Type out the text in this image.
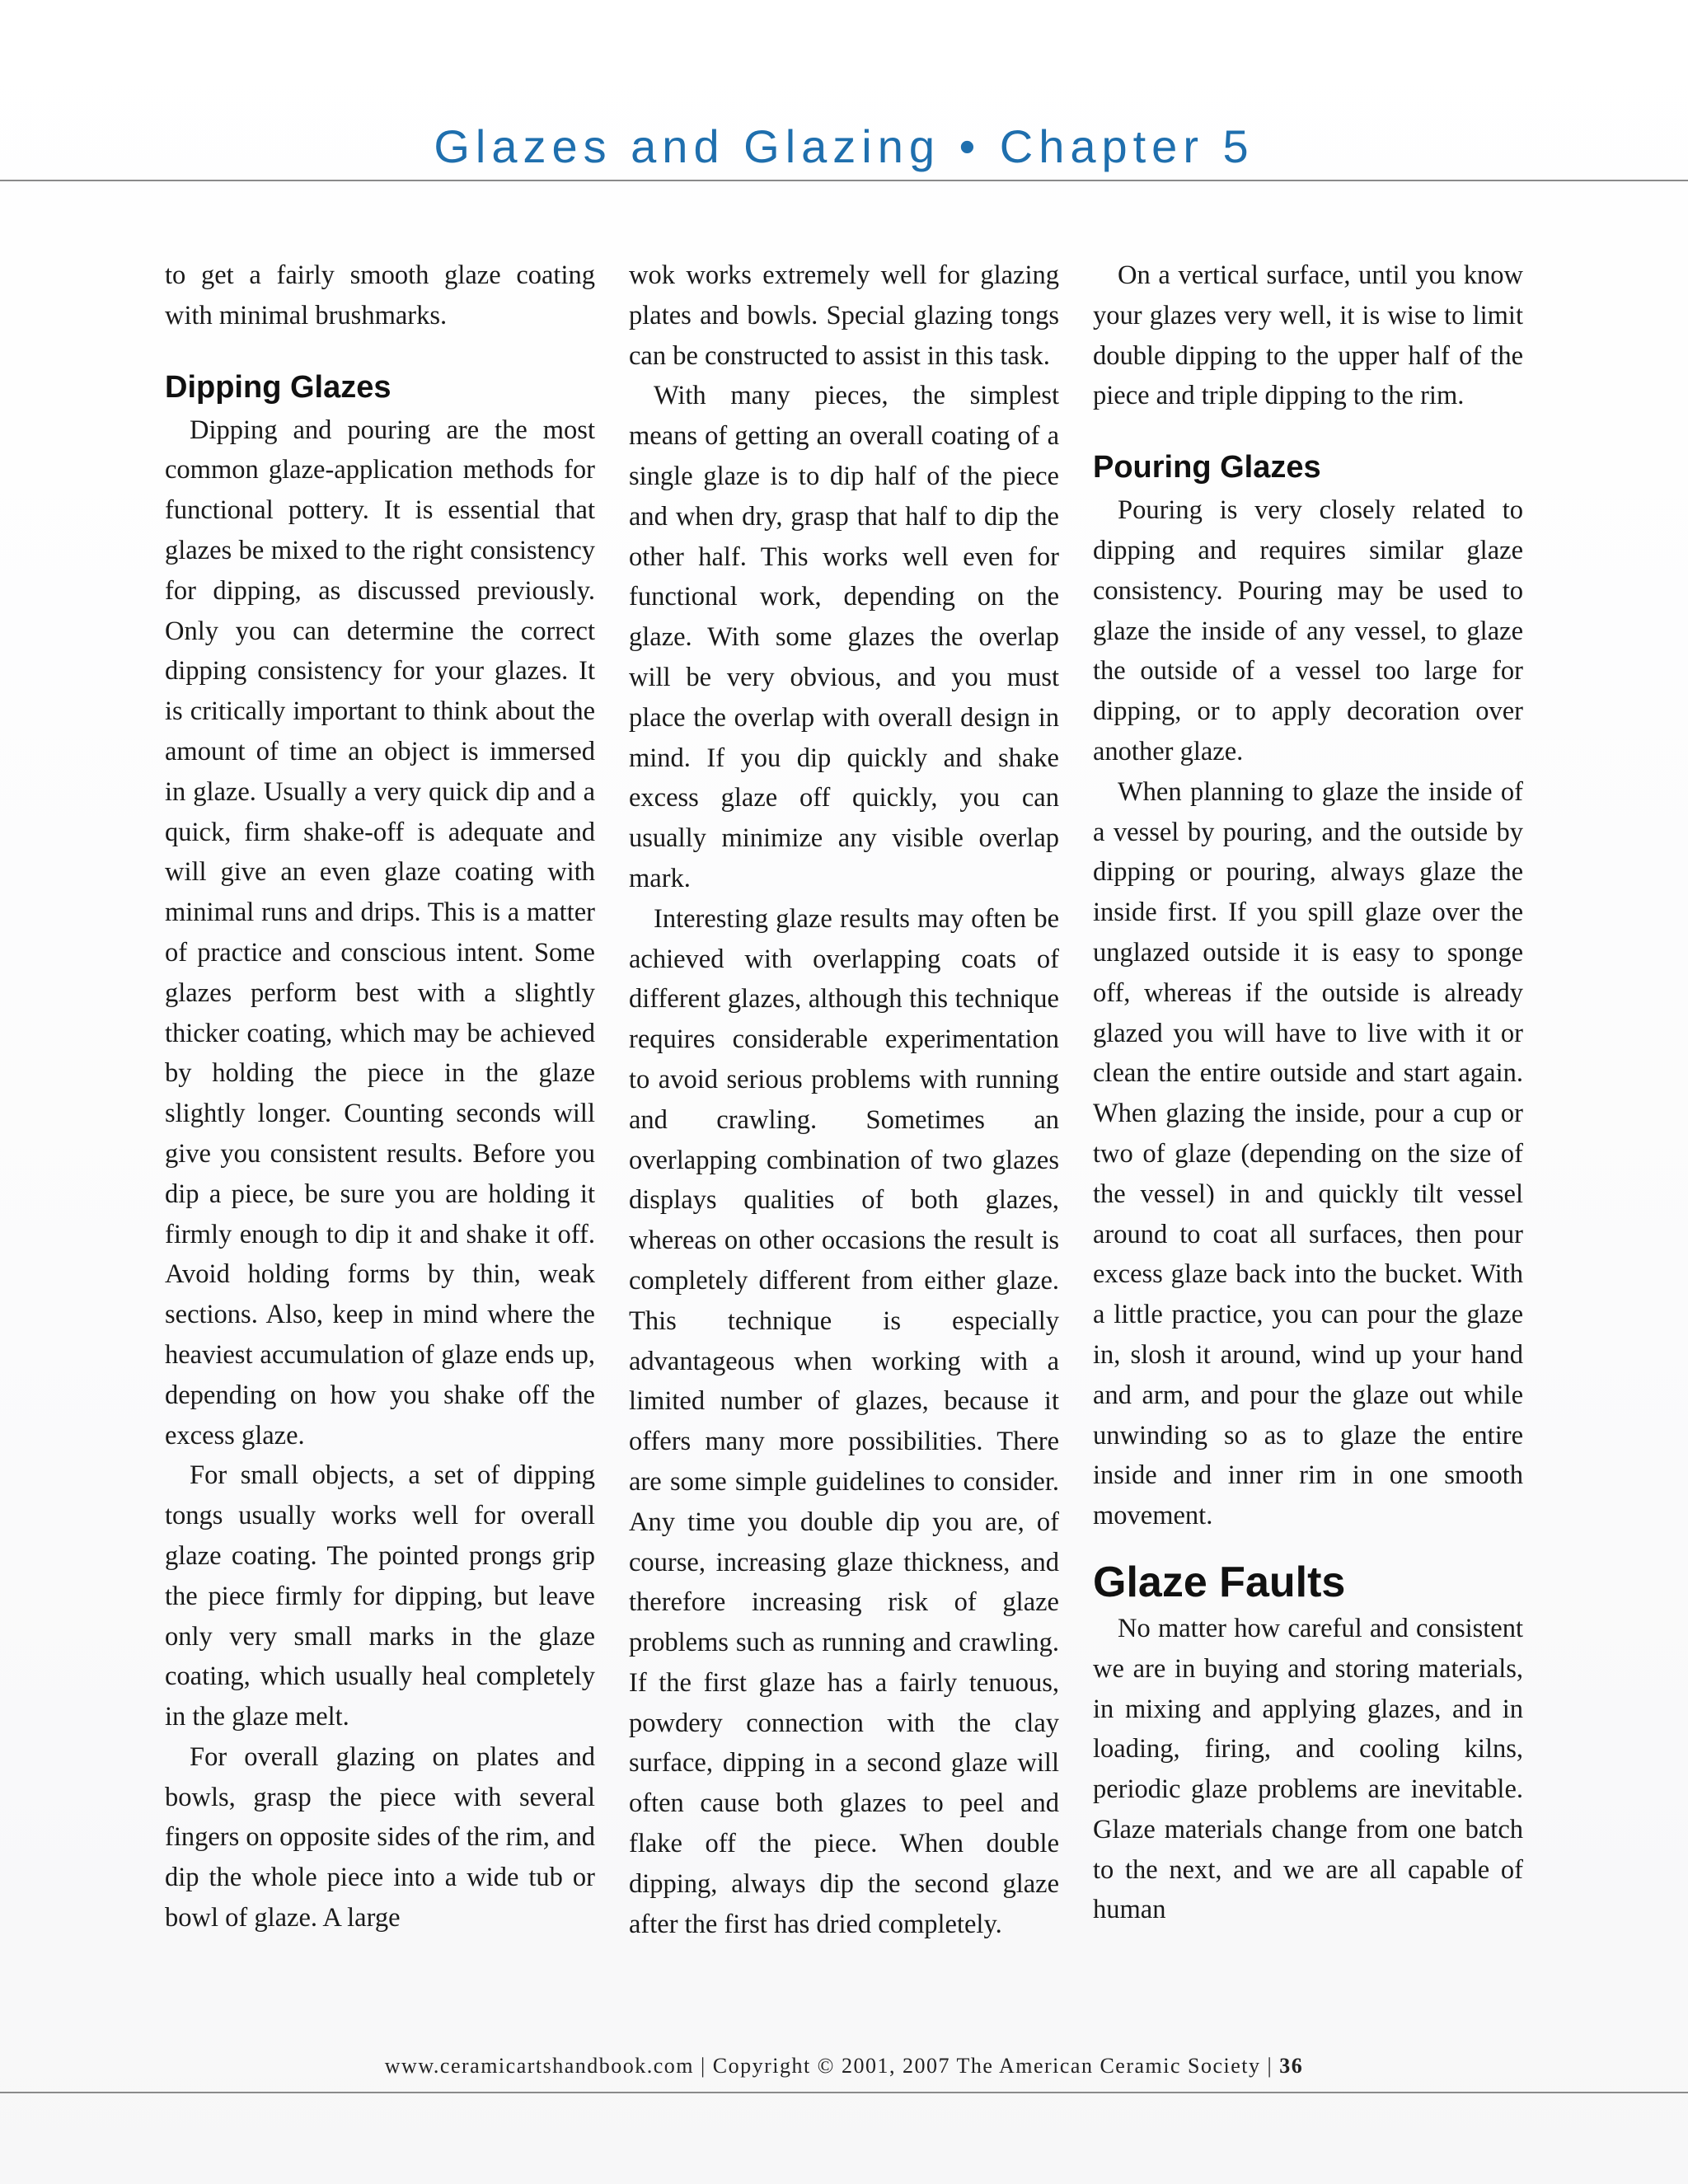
Glazes and Glazing • Chapter 5

to get a fairly smooth glaze coating with minimal brushmarks.

Dipping Glazes

Dipping and pouring are the most common glaze-application methods for functional pottery. It is essential that glazes be mixed to the right consistency for dipping, as discussed previously. Only you can determine the correct dipping consistency for your glazes. It is critically important to think about the amount of time an object is immersed in glaze. Usually a very quick dip and a quick, firm shake-off is adequate and will give an even glaze coating with minimal runs and drips. This is a matter of practice and conscious intent. Some glazes perform best with a slightly thicker coating, which may be achieved by holding the piece in the glaze slightly longer. Counting seconds will give you consistent results. Before you dip a piece, be sure you are holding it firmly enough to dip it and shake it off. Avoid holding forms by thin, weak sections. Also, keep in mind where the heaviest accumulation of glaze ends up, depending on how you shake off the excess glaze.

For small objects, a set of dipping tongs usually works well for overall glaze coating. The pointed prongs grip the piece firmly for dipping, but leave only very small marks in the glaze coating, which usually heal completely in the glaze melt.

For overall glazing on plates and bowls, grasp the piece with several fingers on opposite sides of the rim, and dip the whole piece into a wide tub or bowl of glaze. A large

wok works extremely well for glazing plates and bowls. Special glazing tongs can be constructed to assist in this task.

With many pieces, the simplest means of getting an overall coating of a single glaze is to dip half of the piece and when dry, grasp that half to dip the other half. This works well even for functional work, depending on the glaze. With some glazes the overlap will be very obvious, and you must place the overlap with overall design in mind. If you dip quickly and shake excess glaze off quickly, you can usually minimize any visible overlap mark.

Interesting glaze results may often be achieved with overlapping coats of different glazes, although this technique requires considerable experimentation to avoid serious problems with running and crawling. Sometimes an overlapping combination of two glazes displays qualities of both glazes, whereas on other occasions the result is completely different from either glaze. This technique is especially advantageous when working with a limited number of glazes, because it offers many more possibilities. There are some simple guidelines to consider. Any time you double dip you are, of course, increasing glaze thickness, and therefore increasing risk of glaze problems such as running and crawling. If the first glaze has a fairly tenuous, powdery connection with the clay surface, dipping in a second glaze will often cause both glazes to peel and flake off the piece. When double dipping, always dip the second glaze after the first has dried completely.

On a vertical surface, until you know your glazes very well, it is wise to limit double dipping to the upper half of the piece and triple dipping to the rim.

Pouring Glazes

Pouring is very closely related to dipping and requires similar glaze consistency. Pouring may be used to glaze the inside of any vessel, to glaze the outside of a vessel too large for dipping, or to apply decoration over another glaze.

When planning to glaze the inside of a vessel by pouring, and the outside by dipping or pouring, always glaze the inside first. If you spill glaze over the unglazed outside it is easy to sponge off, whereas if the outside is already glazed you will have to live with it or clean the entire outside and start again. When glazing the inside, pour a cup or two of glaze (depending on the size of the vessel) in and quickly tilt vessel around to coat all surfaces, then pour excess glaze back into the bucket. With a little practice, you can pour the glaze in, slosh it around, wind up your hand and arm, and pour the glaze out while unwinding so as to glaze the entire inside and inner rim in one smooth movement.

Glaze Faults

No matter how careful and consistent we are in buying and storing materials, in mixing and applying glazes, and in loading, firing, and cooling kilns, periodic glaze problems are inevitable. Glaze materials change from one batch to the next, and we are all capable of human

www.ceramicartshandbook.com | Copyright © 2001, 2007 The American Ceramic Society | 36
